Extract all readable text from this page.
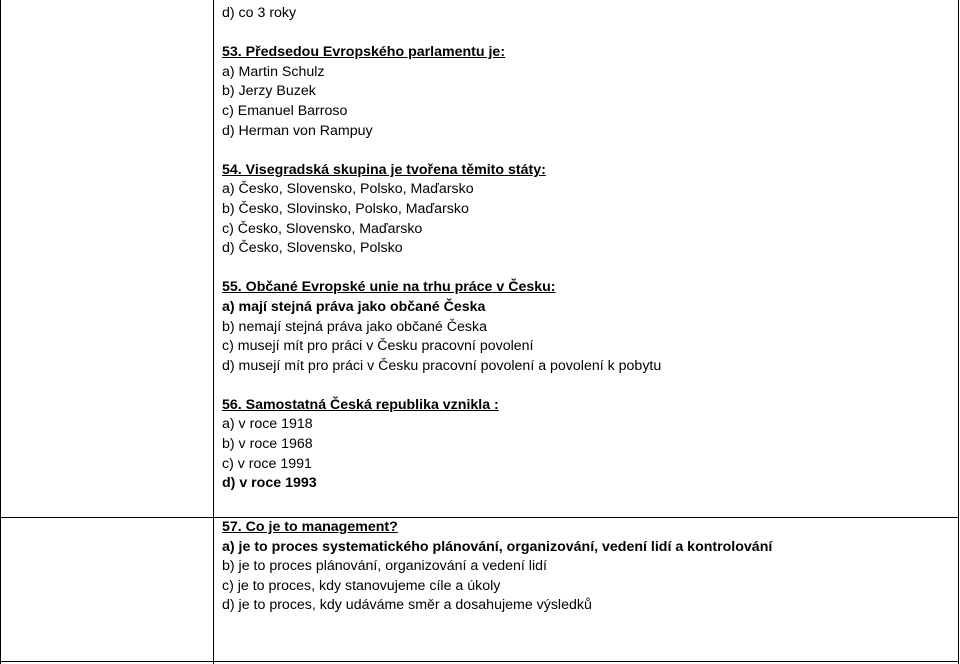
d) co 3 roky
53. Předsedou Evropského parlamentu je:
a) Martin Schulz
b) Jerzy Buzek
c) Emanuel Barroso
d) Herman von Rampuy
54. Visegradská skupina je tvořena těmito státy:
a) Česko, Slovensko, Polsko, Maďarsko
b) Česko, Slovinsko, Polsko, Maďarsko
c) Česko, Slovensko, Maďarsko
d) Česko, Slovensko, Polsko
55. Občané Evropské unie na trhu práce v Česku:
a) mají stejná práva jako občané Česka
b) nemají stejná práva jako občané Česka
c) musejí mít pro práci v Česku pracovní povolení
d) musejí mít pro práci v Česku pracovní povolení a povolení k pobytu
56. Samostatná Česká republika vznikla :
a) v roce 1918
b) v roce 1968
c) v roce 1991
d) v roce 1993
57. Co je to management?
a) je to proces systematického plánování, organizování, vedení lidí a kontrolování
b) je to proces plánování, organizování a vedení lidí
c) je to proces, kdy stanovujeme cíle a úkoly
d) je to proces, kdy udáváme směr a dosahujeme výsledků
